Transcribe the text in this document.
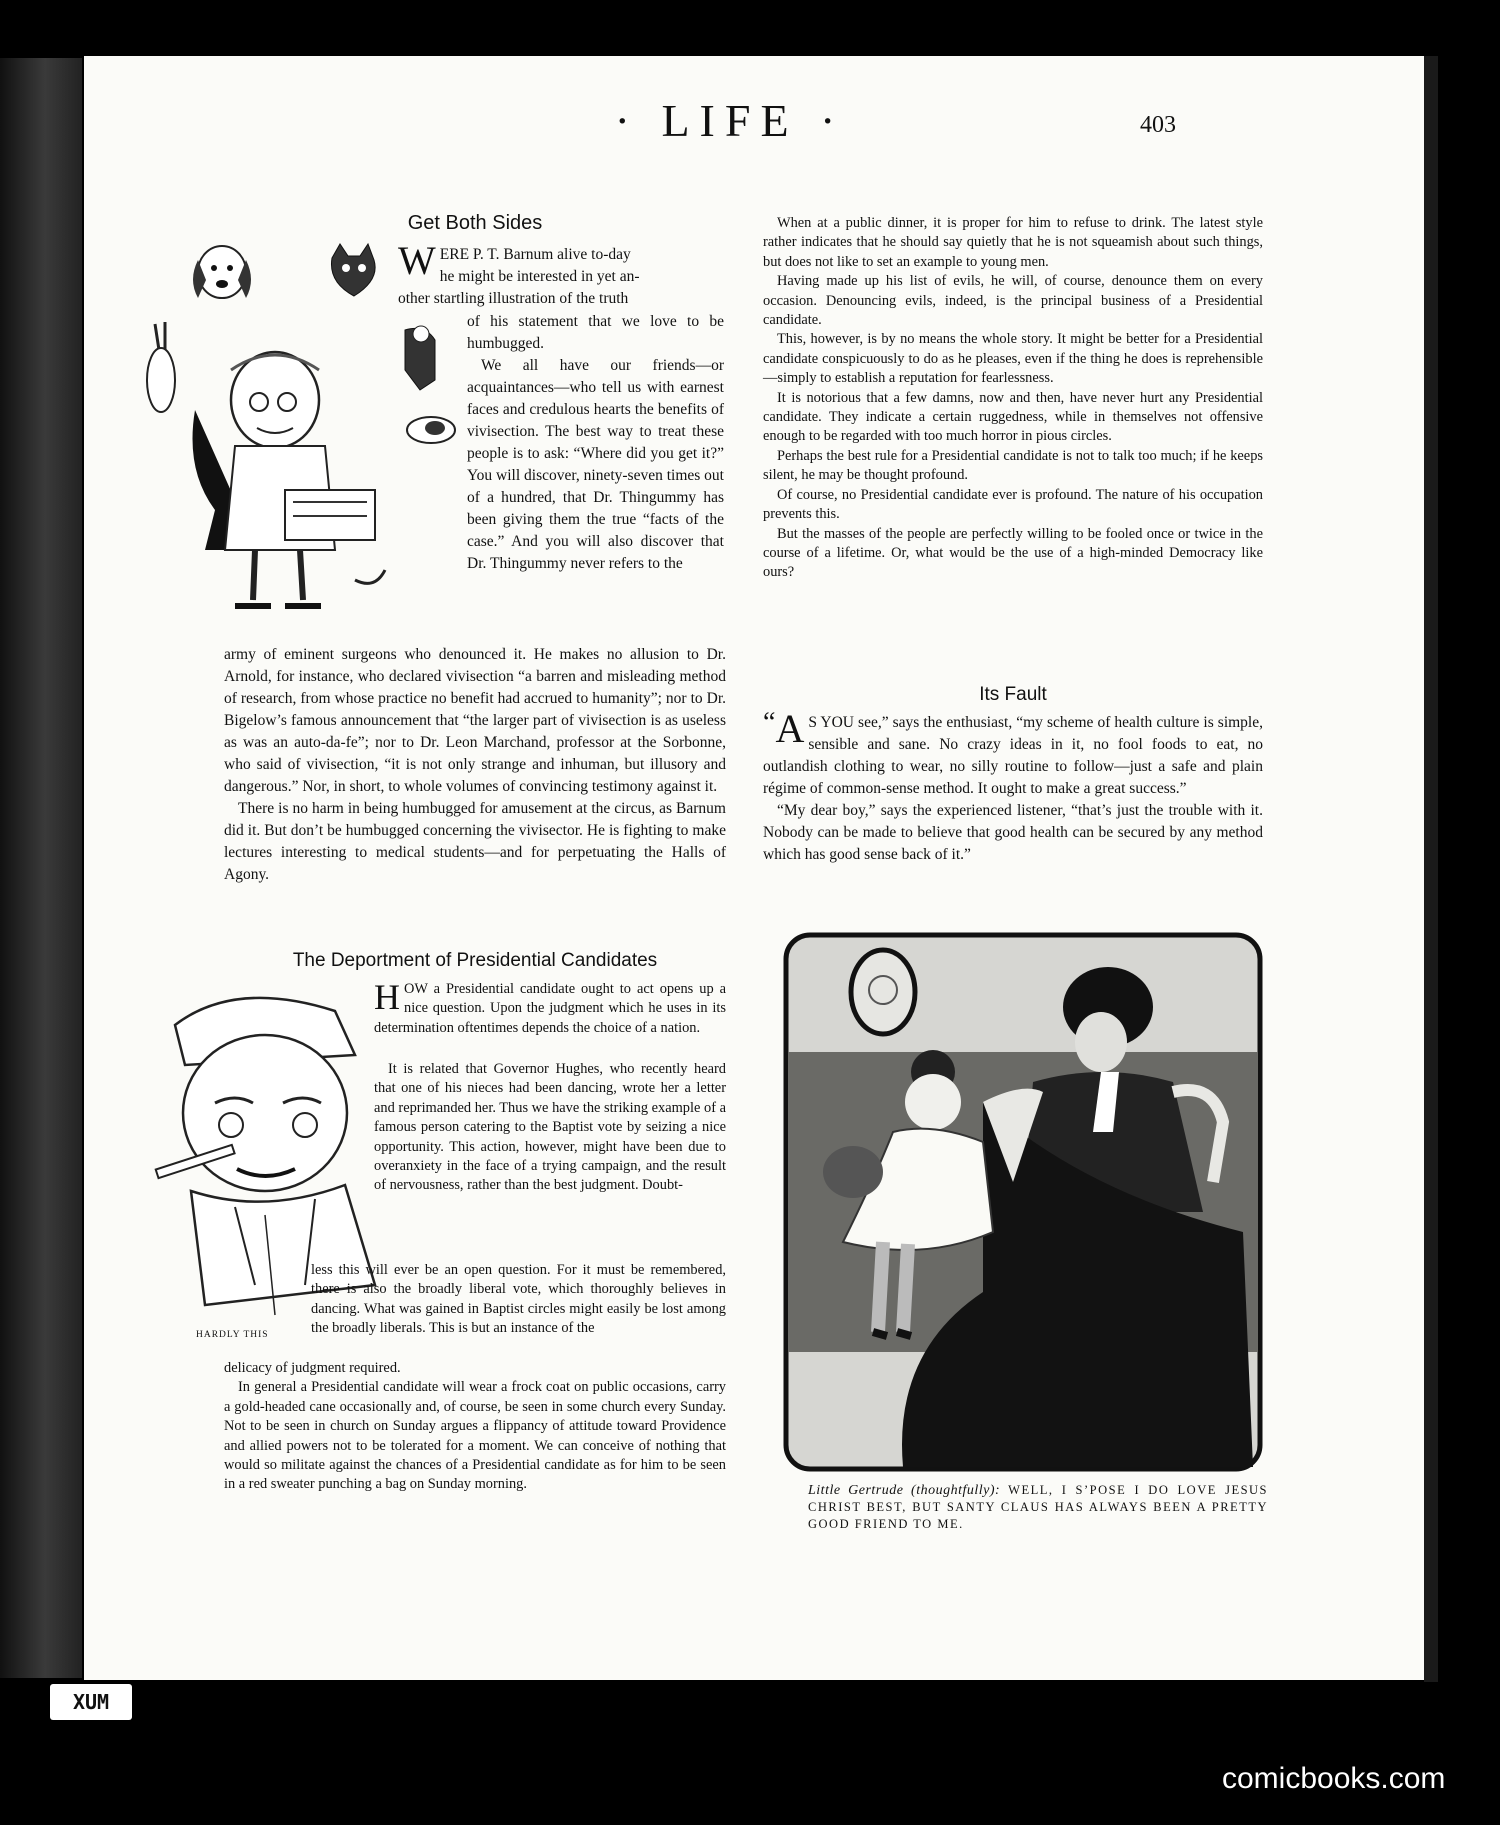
· LIFE ·	403
Get Both Sides

WERE P. T. Barnum alive to-day
he might be interested in yet an-

other startling illustration of the truth

of his statement that we love to be humbugged.

We all have our friends—or acquaintances—who tell us with earnest faces and credulous hearts the benefits of vivisection. The best way to treat these people is to ask: “Where did you get it?” You will discover, ninety-seven times out of a hundred, that Dr. Thingummy has been giving them the true “facts of the case.” And you will also discover that Dr. Thingummy never refers to the

army of eminent surgeons who denounced it. He makes no allusion to Dr. Arnold, for instance, who declared vivisection “a barren and misleading method of research, from whose practice no benefit had accrued to humanity”; nor to Dr. Bigelow’s famous announcement that “the larger part of vivisection is as useless as was an auto-da-fe”; nor to Dr. Leon Marchand, professor at the Sorbonne, who said of vivisection, “it is not only strange and inhuman, but illusory and dangerous.” Nor, in short, to whole volumes of convincing testimony against it.

There is no harm in being humbugged for amusement at the circus, as Barnum did it. But don’t be humbugged concerning the vivisector. He is fighting to make lectures interesting to medical students—and for perpetuating the Halls of Agony.

The Deportment of Presidential Candidates
HARDLY THIS

HOW a Presidential candidate ought to act opens up a nice question. Upon the judgment which he uses in its determination oftentimes depends the choice of a nation.

It is related that Governor Hughes, who recently heard that one of his nieces had been dancing, wrote her a letter and reprimanded her. Thus we have the striking example of a famous person catering to the Baptist vote by seizing a nice opportunity. This action, however, might have been due to overanxiety in the face of a trying campaign, and the result of nervousness, rather than the best judgment. Doubt-

less this will ever be an open question. For it must be remembered, there is also the broadly liberal vote, which thoroughly believes in dancing. What was gained in Baptist circles might easily be lost among the broadly liberals. This is but an instance of the

delicacy of judgment required.

In general a Presidential candidate will wear a frock coat on public occasions, carry a gold-headed cane occasionally and, of course, be seen in some church every Sunday. Not to be seen in church on Sunday argues a flippancy of attitude toward Providence and allied powers not to be tolerated for a moment. We can conceive of nothing that would so militate against the chances of a Presidential candidate as for him to be seen in a red sweater punching a bag on Sunday morning.

When at a public dinner, it is proper for him to refuse to drink. The latest style rather indicates that he should say quietly that he is not squeamish about such things, but does not like to set an example to young men.

Having made up his list of evils, he will, of course, denounce them on every occasion. Denouncing evils, indeed, is the principal business of a Presidential candidate.

This, however, is by no means the whole story. It might be better for a Presidential candidate conspicuously to do as he pleases, even if the thing he does is reprehensible—simply to establish a reputation for fearlessness.

It is notorious that a few damns, now and then, have never hurt any Presidential candidate. They indicate a certain ruggedness, while in themselves not offensive enough to be regarded with too much horror in pious circles.

Perhaps the best rule for a Presidential candidate is not to talk too much; if he keeps silent, he may be thought profound.

Of course, no Presidential candidate ever is profound. The nature of his occupation prevents this.

But the masses of the people are perfectly willing to be fooled once or twice in the course of a lifetime. Or, what would be the use of a high-minded Democracy like ours?

Its Fault

“ A S YOU see,” says the enthusiast, “my scheme of health culture is simple, sensible and sane. No crazy ideas in it, no fool foods to eat, no outlandish clothing to wear, no silly routine to follow—just a safe and plain régime of common-sense method. It ought to make a great success.”

“My dear boy,” says the experienced listener, “that’s just the trouble with it. Nobody can be made to believe that good health can be secured by any method which has good sense back of it.”

Little Gertrude (thoughtfully): WELL, I S’POSE I DO LOVE JESUS CHRIST BEST, BUT SANTY CLAUS HAS ALWAYS BEEN A PRETTY GOOD FRIEND TO ME.
XUM
comicbooks.com
